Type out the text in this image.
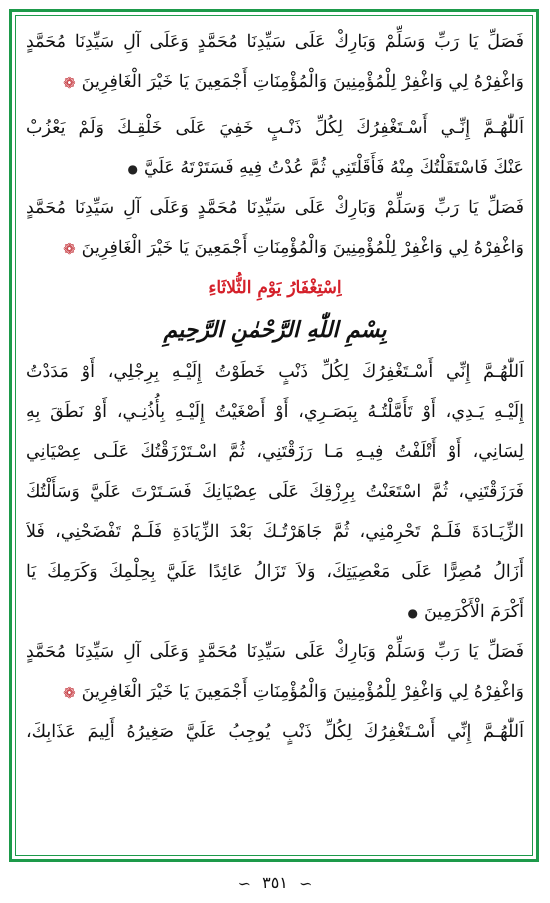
فَصَلِّ يَا رَبِّ وَسَلِّمْ وَبَارِكْ عَلَى سَيِّدِنَا مُحَمَّدٍ وَعَلَى آلِ سَيِّدِنَا مُحَمَّدٍ
وَاغْفِرْهُ لِي وَاغْفِرْ لِلْمُؤْمِنِينَ وَالْمُؤْمِنَاتِ أَجْمَعِينَ يَا خَيْرَ الْغَافِرِينَ❁
اَللّٰهُـمَّ إِنِّـي أَسْـتَغْفِرُكَ لِكُلِّ ذَنْـبٍ خَفِيَ عَلَى خَلْقِـكَ وَلَمْ يَعْزُبْ
عَنْكَ فَاسْتَقَلْتُكَ مِنْهُ فَأَقَلْتَنِي ثُمَّ عُدْتُ فِيهِ فَسَتَرْتَهُ عَلَيَّ●
فَصَلِّ يَا رَبِّ وَسَلِّمْ وَبَارِكْ عَلَى سَيِّدِنَا مُحَمَّدٍ وَعَلَى آلِ سَيِّدِنَا مُحَمَّدٍ
وَاغْفِرْهُ لِي وَاغْفِرْ لِلْمُؤْمِنِينَ وَالْمُؤْمِنَاتِ أَجْمَعِينَ يَا خَيْرَ الْغَافِرِينَ❁
اِسْتِغْفَارُ يَوْمِ الثُّلاثَاءِ
بِسْمِ اللّٰهِ الرَّحْمٰنِ الرَّحِيمِ
اَللّٰهُـمَّ إِنِّي أَسْـتَغْفِرُكَ لِكُلِّ ذَنْبٍ خَطَوْتُ إِلَيْـهِ بِرِجْلِي، أَوْ مَدَدْتُ
إِلَيْـهِ يَـدِي، أَوْ تَأَمَّلْتُـهُ بِبَصَـرِي، أَوْ أَصْغَيْتُ إِلَيْـهِ بِأُذُنِـي، أَوْ نَطَقَ بِهِ
لِسَانِي، أَوْ أَتْلَفْتُ فِيـهِ مَـا رَزَقْتَنِي، ثُمَّ اسْـتَرْزَقْتُكَ عَلَـى عِصْيَانِي
فَرَزَقْتَنِي، ثُمَّ اسْتَعَنْتُ بِرِزْقِكَ عَلَى عِصْيَانِكَ فَسَـتَرْتَ عَلَيَّ وَسَأَلْتُكَ
الزِّيَـادَةَ فَلَـمْ تَحْرِمْنِي، ثُمَّ جَاهَرْتُـكَ بَعْدَ الزِّيَادَةِ فَلَـمْ تَفْضَحْنِي، فَلاَ
أَزَالُ مُصِرًّا عَلَى مَعْصِيَتِكَ، وَلاَ تَزَالُ عَائِدًا عَلَيَّ بِحِلْمِكَ وَكَرَمِكَ يَا
أَكْرَمَ الْأَكْرَمِينَ●
فَصَلِّ يَا رَبِّ وَسَلِّمْ وَبَارِكْ عَلَى سَيِّدِنَا مُحَمَّدٍ وَعَلَى آلِ سَيِّدِنَا مُحَمَّدٍ
وَاغْفِرْهُ لِي وَاغْفِرْ لِلْمُؤْمِنِينَ وَالْمُؤْمِنَاتِ أَجْمَعِينَ يَا خَيْرَ الْغَافِرِينَ❁
اَللّٰهُـمَّ إِنِّي أَسْـتَغْفِرُكَ لِكُلِّ ذَنْبٍ يُوجِبُ عَلَيَّ صَغِيرُهُ أَلِيمَ عَذَابِكَ،
∽ ٣٥١ ∽
